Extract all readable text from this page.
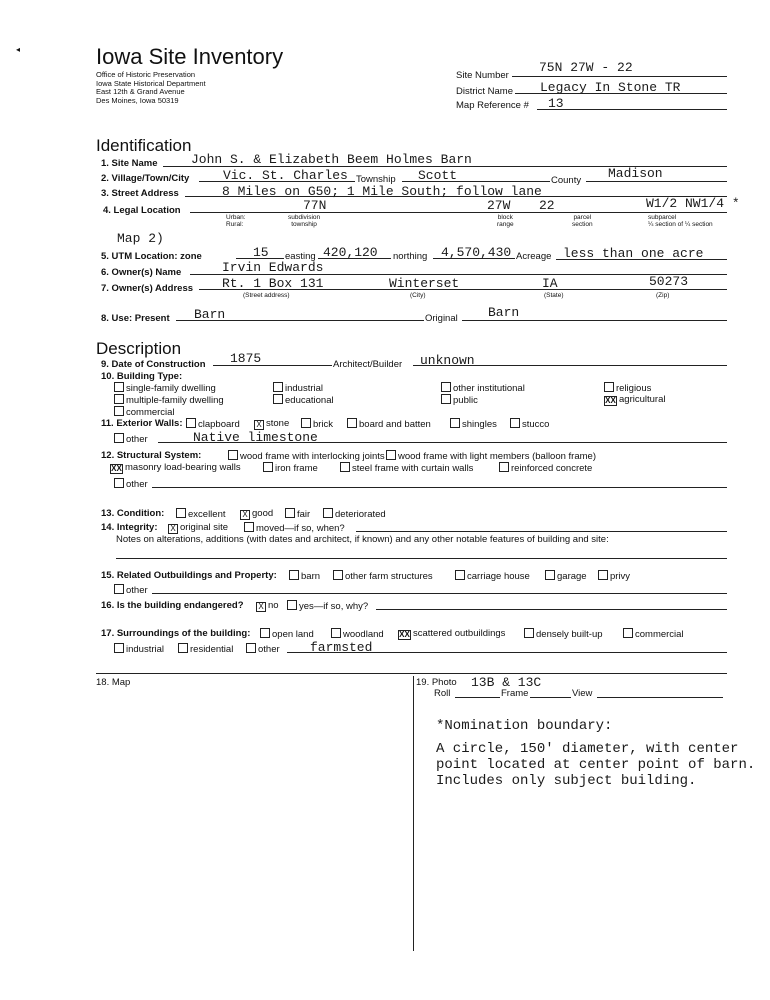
Iowa Site Inventory
Office of Historic Preservation
Iowa State Historical Department
East 12th & Grand Avenue
Des Moines, Iowa 50319
Site Number
75N 27W - 22
District Name Legacy In Stone TR
Map Reference # 13
Identification
1. Site Name	John S. & Elizabeth Beem Holmes Barn
2. Village/Town/City	Vic. St. Charles Township Scott	County Madison
3. Street Address	8 Miles on G50; 1 Mile South; follow lane
4. Legal Location	77N	27W 22	W1/2 NW1/4 *
Urban:
Rural:
subdivision
township
block
range
parcel
section
subparcel
¼ section of ¼ section
Map 2)
5. UTM Location: zone	15 easting 420,120 northing 4,570,430 Acreage less than one acre
6. Owner(s) Name	Irvin Edwards
7. Owner(s) Address Rt. 1 Box 131	Winterset	IA	50273
(Street address)	(City)	(State)	(Zip)
8. Use: Present Barn	Original Barn
Description
9. Date of Construction 1875	Architect/Builder unknown
10. Building Type:
single-family dwelling
multiple-family dwelling
commercial
industrial
educational
other institutional
public
religious
XX agricultural
11. Exterior Walls:	clapboard X stone	brick	board and batten	shingles	stucco
other	Native limestone
12. Structural System:	wood frame with interlocking joints	wood frame with light members (balloon frame)
XX masonry load-bearing walls	iron frame	steel frame with curtain walls	reinforced concrete
other
13. Condition:	excellent X good	fair	deteriorated
14. Integrity: X original site	moved—if so, when?
Notes on alterations, additions (with dates and architect, if known) and any other notable features of building and site:
15. Related Outbuildings and Property:	barn	other farm structures	carriage house	garage	privy
other
16. Is the building endangered? X no	yes—if so, why?
17. Surroundings of the building:	open land	woodland XX scattered outbuildings	densely built-up	commercial
industrial	residential	other farmsted
18. Map	19. Photo 13B & 13C
Roll	Frame	View
*Nomination boundary:
A circle, 150' diameter, with center
point located at center point of barn.
Includes only subject building.
◂
